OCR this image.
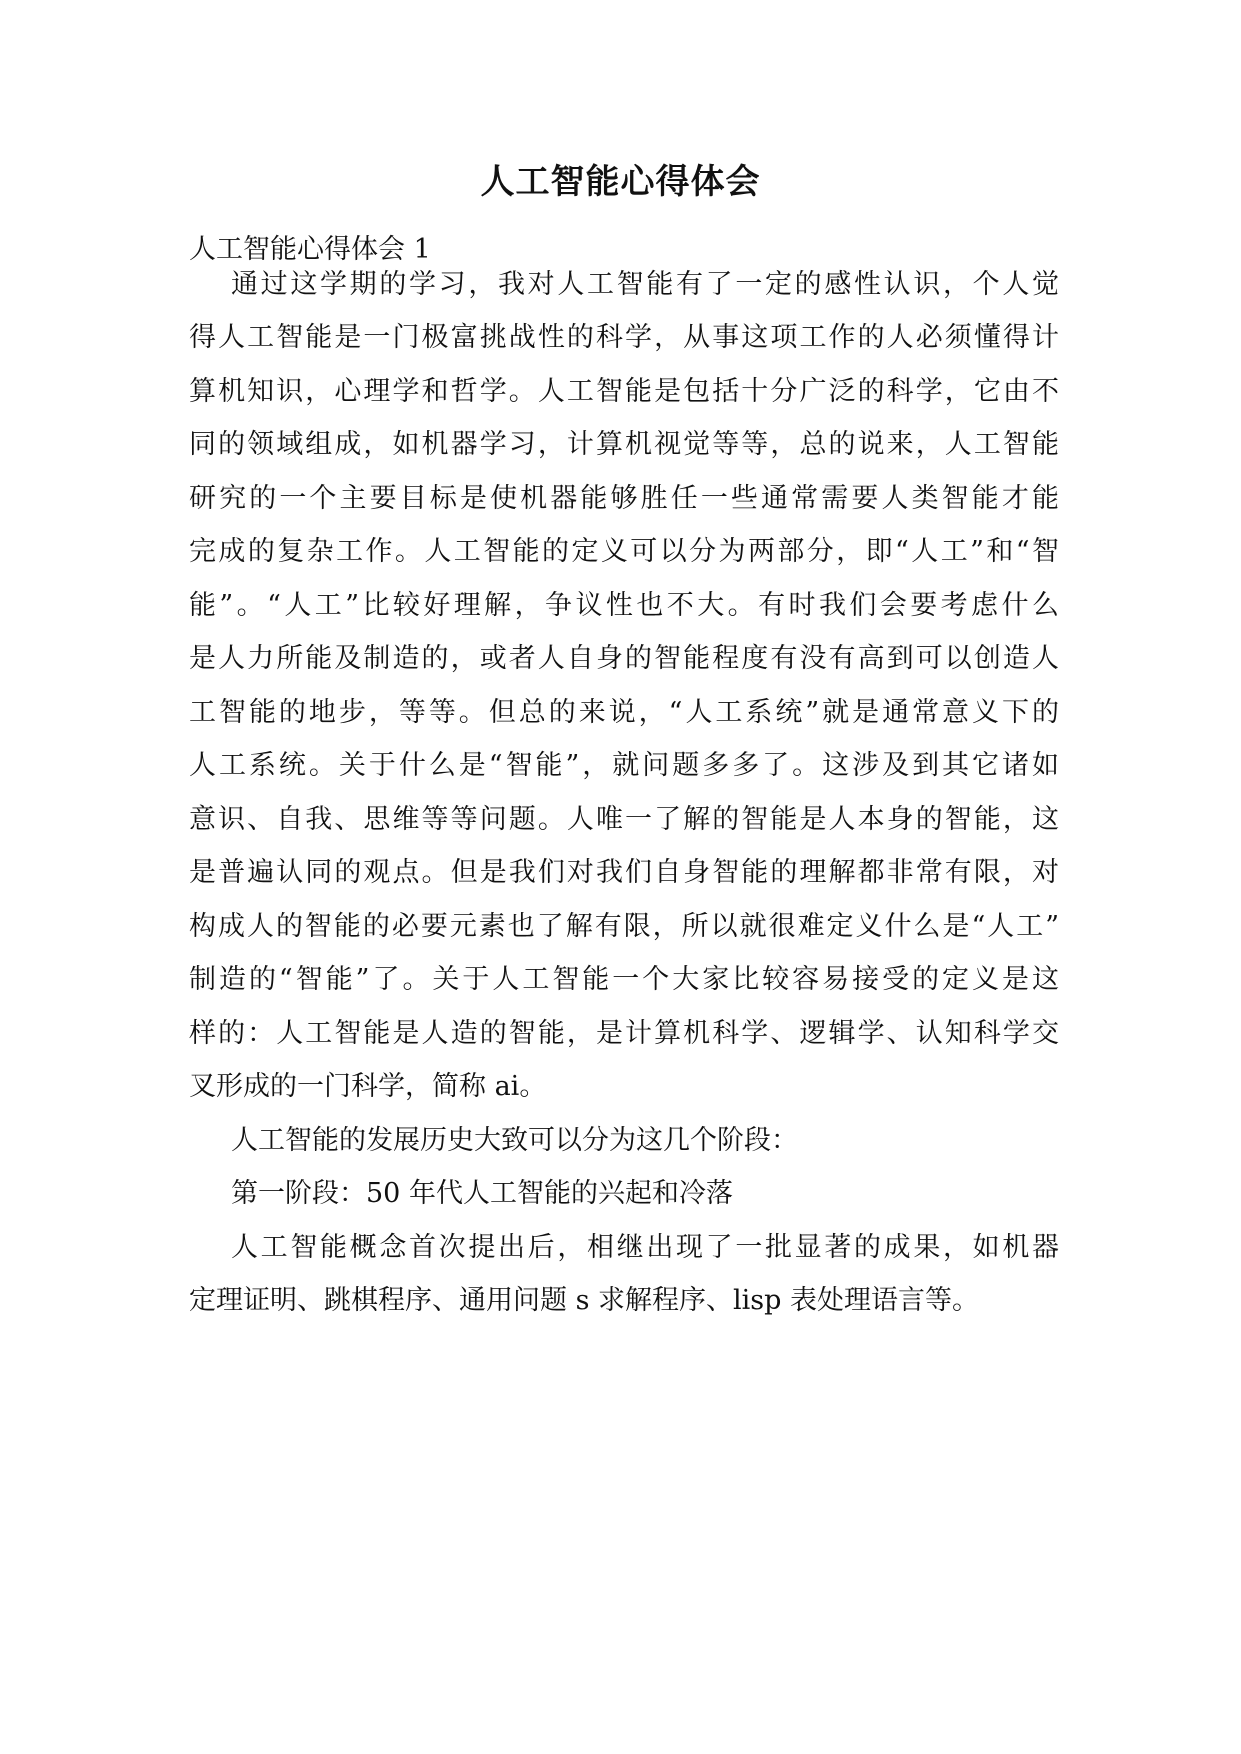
人工智能心得体会
人工智能心得体会 1
通过这学期的学习，我对人工智能有了一定的感性认识，个人觉
得人工智能是一门极富挑战性的科学，从事这项工作的人必须懂得计
算机知识，心理学和哲学。人工智能是包括十分广泛的科学，它由不
同的领域组成，如机器学习，计算机视觉等等，总的说来，人工智能
研究的一个主要目标是使机器能够胜任一些通常需要人类智能才能
完成的复杂工作。人工智能的定义可以分为两部分，即“人工”和“智
能”。“人工”比较好理解，争议性也不大。有时我们会要考虑什么
是人力所能及制造的，或者人自身的智能程度有没有高到可以创造人
工智能的地步，等等。但总的来说，“人工系统”就是通常意义下的
人工系统。关于什么是“智能”，就问题多多了。这涉及到其它诸如
意识、自我、思维等等问题。人唯一了解的智能是人本身的智能，这
是普遍认同的观点。但是我们对我们自身智能的理解都非常有限，对
构成人的智能的必要元素也了解有限，所以就很难定义什么是“人工”
制造的“智能”了。关于人工智能一个大家比较容易接受的定义是这
样的：人工智能是人造的智能，是计算机科学、逻辑学、认知科学交
叉形成的一门科学，简称 ai。
人工智能的发展历史大致可以分为这几个阶段：
第一阶段：50 年代人工智能的兴起和冷落
人工智能概念首次提出后，相继出现了一批显著的成果，如机器
定理证明、跳棋程序、通用问题 s 求解程序、lisp 表处理语言等。
